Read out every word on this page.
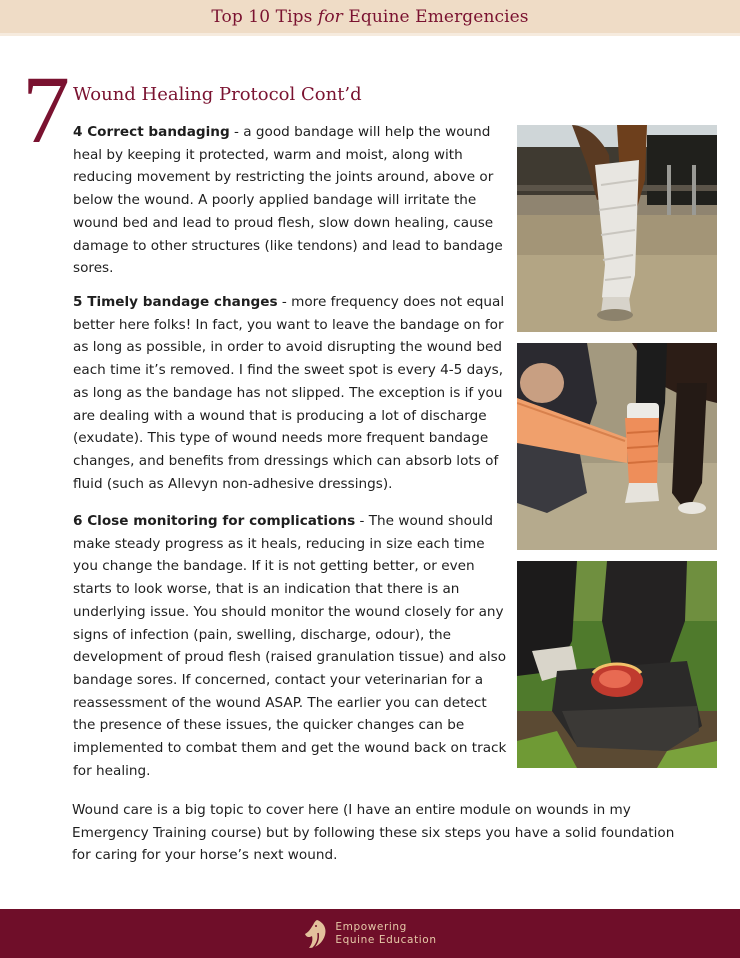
Top 10 Tips for Equine Emergencies
7 Wound Healing Protocol Cont’d

4 Correct bandaging - a good bandage will help the wound heal by keeping it protected, warm and moist, along with reducing movement by restricting the joints around, above or below the wound. A poorly applied bandage will irritate the wound bed and lead to proud flesh, slow down healing, cause damage to other structures (like tendons) and lead to bandage sores.

5 Timely bandage changes - more frequency does not equal better here folks! In fact, you want to leave the bandage on for as long as possible, in order to avoid disrupting the wound bed each time it’s removed. I find the sweet spot is every 4-5 days, as long as the bandage has not slipped. The exception is if you are dealing with a wound that is producing a lot of discharge (exudate). This type of wound needs more frequent bandage changes, and benefits from dressings which can absorb lots of fluid (such as Allevyn non-adhesive dressings).

6 Close monitoring for complications - The wound should make steady progress as it heals, reducing in size each time you change the bandage. If it is not getting better, or even starts to look worse, that is an indication that there is an underlying issue. You should monitor the wound closely for any signs of infection (pain, swelling, discharge, odour), the development of proud flesh (raised granulation tissue) and also bandage sores. If concerned, contact your veterinarian for a reassessment of the wound ASAP. The earlier you can detect the presence of these issues, the quicker changes can be implemented to combat them and get the wound back on track for healing.

Wound care is a big topic to cover here (I have an entire module on wounds in my Emergency Training course) but by following these six steps you have a solid foundation for caring for your horse’s next wound.

Empowering
Equine Education
